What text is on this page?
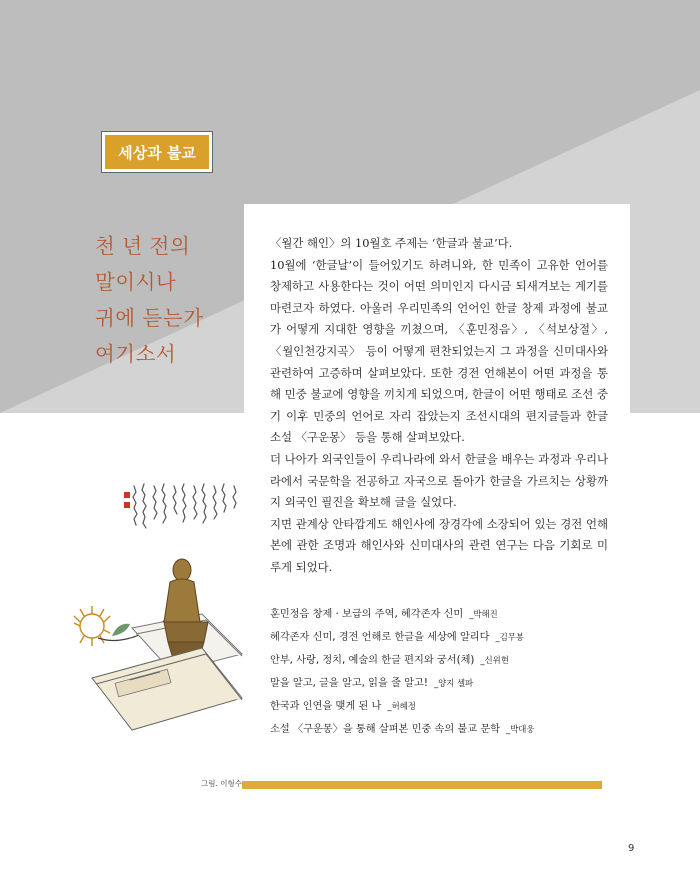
세상과 불교
천 년 전의
말이시나
귀에 듣는가
여기소서

〈월간 해인〉의 10월호 주제는 ‘한글과 불교’다.

10월에 ‘한글날’이 들어있기도 하려니와, 한 민족이 고유한 언어를 창제하고 사용한다는 것이 어떤 의미인지 다시금 되새겨보는 계기를 마련코자 하였다. 아울러 우리민족의 언어인 한글 창제 과정에 불교가 어떻게 지대한 영향을 끼쳤으며, 〈훈민정음〉, 〈석보상절〉, 〈월인천강지곡〉 등이 어떻게 편찬되었는지 그 과정을 신미대사와 관련하여 고증하며 살펴보았다. 또한 경전 언해본이 어떤 과정을 통해 민중 불교에 영향을 끼치게 되었으며, 한글이 어떤 행태로 조선 중기 이후 민중의 언어로 자리 잡았는지 조선시대의 편지글들과 한글 소설 〈구운몽〉 등을 통해 살펴보았다.

더 나아가 외국인들이 우리나라에 와서 한글을 배우는 과정과 우리나라에서 국문학을 전공하고 자국으로 돌아가 한글을 가르치는 상황까지 외국인 필진을 확보해 글을 실었다.

지면 관계상 안타깝게도 해인사에 장경각에 소장되어 있는 경전 언해본에 관한 조명과 해인사와 신미대사의 관련 연구는 다음 기회로 미루게 되었다.

훈민정음 창제 · 보급의 주역, 혜각존자 신미 _박해진
혜각존자 신미, 경전 언해로 한글을 세상에 알리다 _김무봉
안부, 사랑, 정치, 예술의 한글 편지와 궁서(체) _신위현
말을 알고, 글을 알고, 읽을 줄 알고! _양지 셀파
한국과 인연을 맺게 된 나 _허혜정
소설 〈구운몽〉을 통해 살펴본 민중 속의 불교 문학 _박대웅
그림. 이형수
9
